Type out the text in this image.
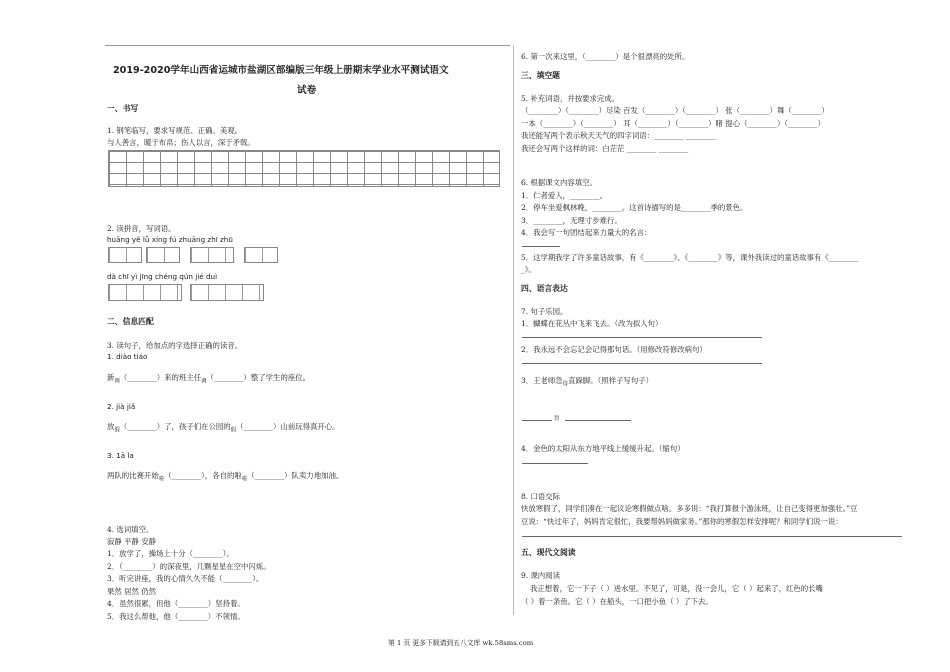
2019-2020学年山西省运城市盐湖区部编版三年级上册期末学业水平测试语文
试卷
一、书写
1. 钢笔临写，要求写规范、正确、美观。
与人善言，暖于布帛；伤人以言，深于矛戟。
2. 读拼音，写词语。
huāng yě lǚ xíng fú zhuāng zhī zhū
dà chī yì jīng chéng qún jié duì
二、信息匹配
3. 读句子，给加点的字选择正确的读音。
1. diào tiáo
新$_调$（________）来的班主任$_调$（________）整了学生的座位。
2. jià jiǎ
放$_假$（________）了，孩子们在公园的$_假$（________）山前玩得真开心。
3. 1ā la
两队的比赛开始$_啦$（________），各自的啦$_啦$（________）队卖力地加油。
4. 选词填空。
寂静 平静 安静
1．放学了，操场上十分（________）。
2．（________）的深夜里，几颗星星在空中闪烁。
3．听完讲座，我的心情久久不能（________）。
果然 居然 仍然
4．虽然很累，但他（________）坚持着。
5．我这么帮他，他（________）不领情。
6. 第一次来这里，（________）是个很漂亮的处所。
三、填空题
5. 补充词语，并按要求完成。
（________）（________）尽染 百发（________）（________） 张（________）舞（________）
一本（________）（________） 耳（________）（________）睹 提心（________）（________）
我还能写两个表示秋天天气的四字词语：________ ________
我还会写两个这样的词：白茫茫 ________ ________
6. 根据课文内容填空。
1．仁者爱人，________。
2．停车坐爱枫林晚，________。这首诗描写的是________季的景色。
3．________，无理寸步难行。
4．我会写一句团结起来力量大的名言：
5．这学期我学了许多童话故事，有《________》、《________》等，课外我读过的童话故事有《________
_》。
四、语言表达
7. 句子乐园。
1．蝴蝶在花丛中飞来飞去。（改为拟人句）
2．我永远不会忘记会记得那句话。（用修改符修改病句）
3．王老师急$_得$直跺脚。（照样子写句子）
得
4．金色的太阳从东方地平线上缓缓升起。（缩句）
8. 口语交际
快放寒假了，同学们凑在一起议论寒假做点啥。多多说：“我打算报个游泳班，让自己变得更加强壮。”豆
豆说：“快过年了，妈妈肯定很忙，我要帮妈妈做家务。”那你的寒假怎样安排呢？和同学们说一说：
五、现代文阅读
9. 课内阅读
我正想着，它一下子（ ）进水里。不见了，可是，没一会儿，它（ ）起来了，红色的长嘴
（ ）着一条鱼。它（ ）在船头，一口把小鱼（ ）了下去。
第 1 页 更多下载请到五八文库 wk.58sms.com
